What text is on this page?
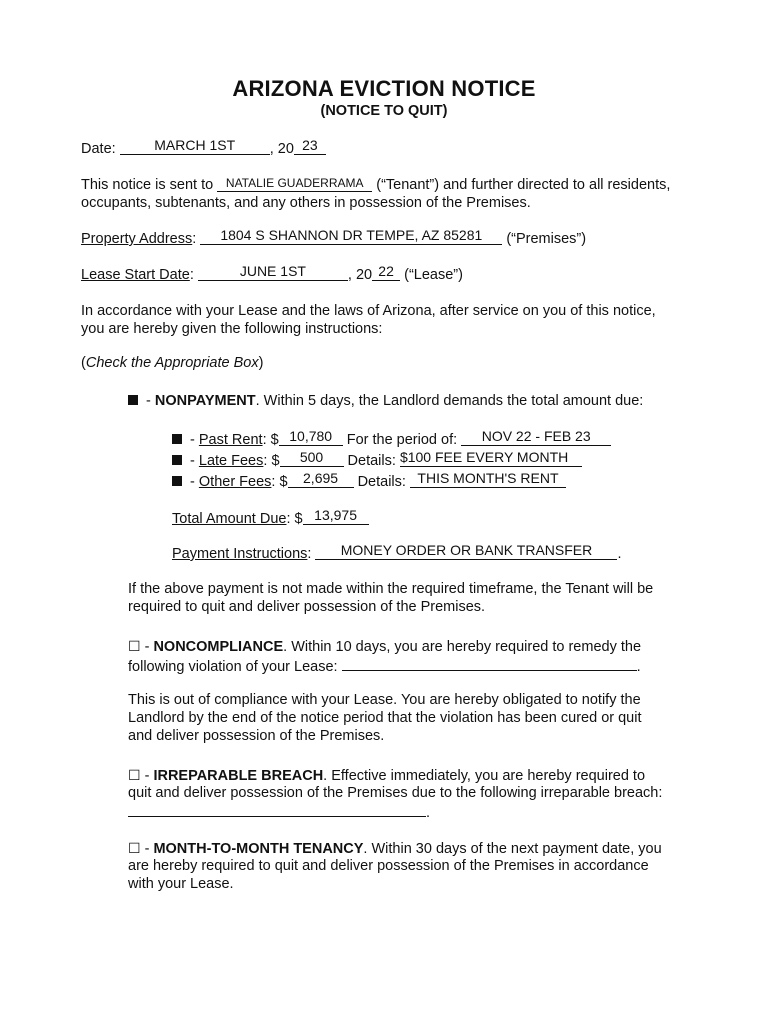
ARIZONA EVICTION NOTICE
(NOTICE TO QUIT)
Date:	MARCH 1ST , 20 23
This notice is sent to NATALIE GUADERRAMA (“Tenant”) and further directed to all residents,
occupants, subtenants, and any others in possession of the Premises.
Property Address: 1804 S SHANNON DR TEMPE, AZ 85281 (“Premises”)
Lease Start Date:	JUNE 1ST	, 20 22 (“Lease”)
In accordance with your Lease and the laws of Arizona, after service on you of this notice,
you are hereby given the following instructions:
(Check the Appropriate Box)
- NONPAYMENT. Within 5 days, the Landlord demands the total amount due:
- Past Rent: $ 10,780 For the period of: NOV 22 - FEB 23
- Late Fees: $ 500 Details: $100 FEE EVERY MONTH
- Other Fees: $ 2,695 Details: THIS MONTH'S RENT
Total Amount Due: $ 13,975
Payment Instructions: MONEY ORDER OR BANK TRANSFER .
If the above payment is not made within the required timeframe, the Tenant will be
required to quit and deliver possession of the Premises.
☐ - NONCOMPLIANCE. Within 10 days, you are hereby required to remedy the
following violation of your Lease:	.
This is out of compliance with your Lease. You are hereby obligated to notify the
Landlord by the end of the notice period that the violation has been cured or quit
and deliver possession of the Premises.
☐ - IRREPARABLE BREACH. Effective immediately, you are hereby required to
quit and deliver possession of the Premises due to the following irreparable breach:
.
☐ - MONTH-TO-MONTH TENANCY. Within 30 days of the next payment date, you
are hereby required to quit and deliver possession of the Premises in accordance
with your Lease.
